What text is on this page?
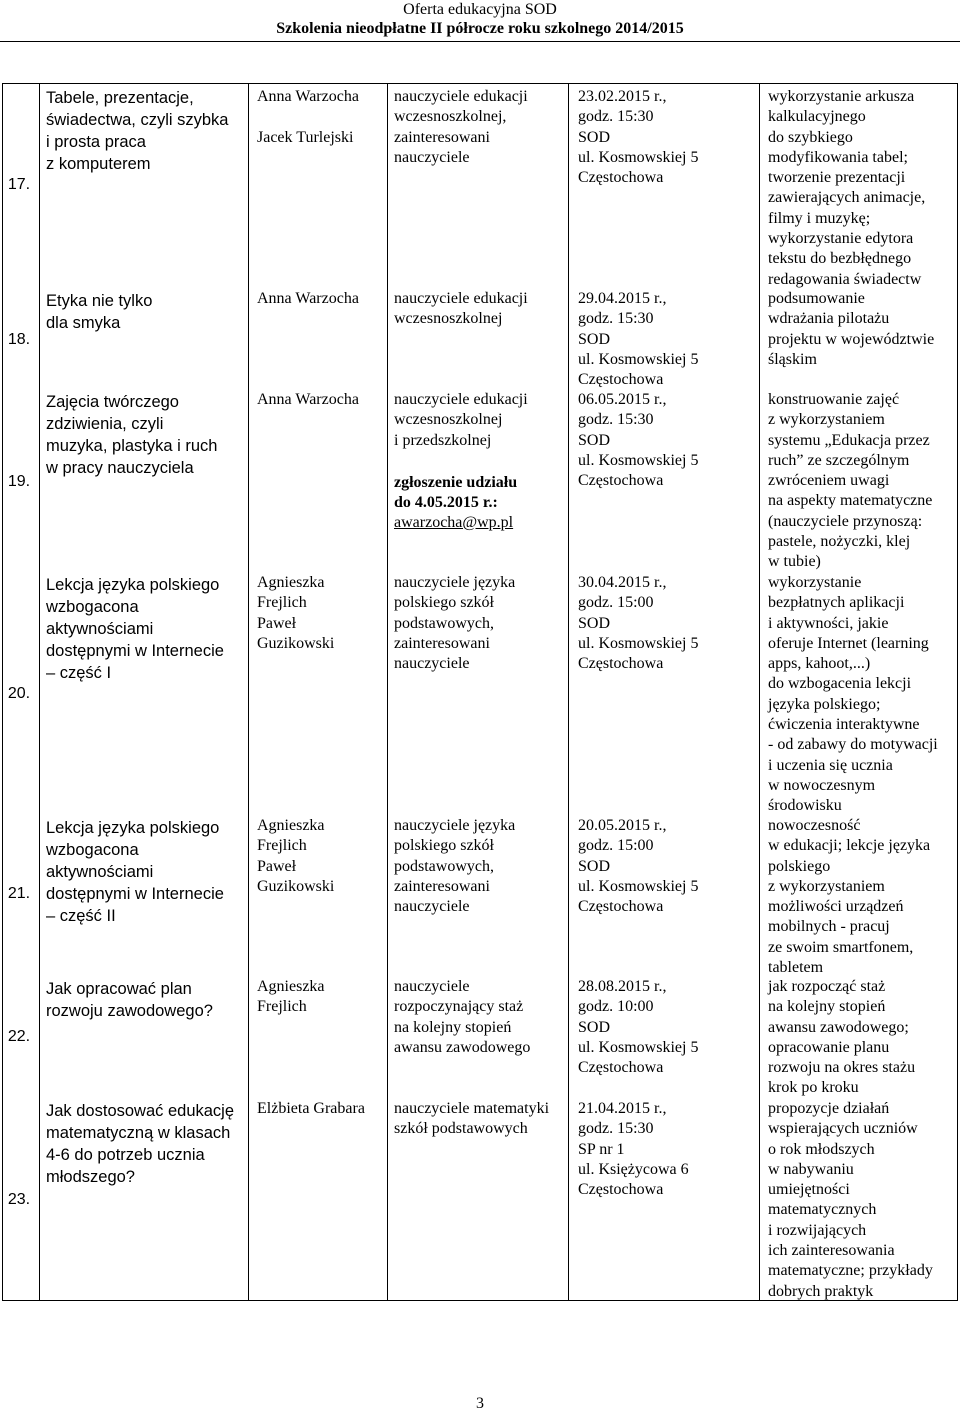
Oferta edukacyjna SOD
Szkolenia nieodpłatne II półrocze roku szkolnego 2014/2015
17.
18.
19.
20.
21.
22.
23.
Tabele, prezentacje,
świadectwa, czyli szybka
i prosta praca
z komputerem
Etyka nie tylko
dla smyka
Zajęcia twórczego
zdziwienia, czyli
muzyka, plastyka i ruch
w pracy nauczyciela
Lekcja języka polskiego
wzbogacona
aktywnościami
dostępnymi w Internecie
– część I
Lekcja języka polskiego
wzbogacona
aktywnościami
dostępnymi w Internecie
– część II
Jak opracować plan
rozwoju zawodowego?
Jak dostosować edukację
matematyczną w klasach
4-6 do potrzeb ucznia
młodszego?
Anna Warzocha

Jacek Turlejski
Anna Warzocha
Anna Warzocha
Agnieszka
Frejlich
Paweł
Guzikowski
Agnieszka
Frejlich
Paweł
Guzikowski
Agnieszka
Frejlich
Elżbieta Grabara
nauczyciele edukacji
wczesnoszkolnej,
zainteresowani
nauczyciele
nauczyciele edukacji
wczesnoszkolnej
nauczyciele edukacji
wczesnoszkolnej
i przedszkolnej
zgłoszenie udziału
do 4.05.2015 r.:
awarzocha@wp.pl
nauczyciele języka
polskiego szkół
podstawowych,
zainteresowani
nauczyciele
nauczyciele języka
polskiego szkół
podstawowych,
zainteresowani
nauczyciele
nauczyciele
rozpoczynający staż
na kolejny stopień
awansu zawodowego
nauczyciele matematyki
szkół podstawowych
23.02.2015 r.,
godz. 15:30
SOD
ul. Kosmowskiej 5
Częstochowa
29.04.2015 r.,
godz. 15:30
SOD
ul. Kosmowskiej 5
Częstochowa
06.05.2015 r.,
godz. 15:30
SOD
ul. Kosmowskiej 5
Częstochowa
30.04.2015 r.,
godz. 15:00
SOD
ul. Kosmowskiej 5
Częstochowa
20.05.2015 r.,
godz. 15:00
SOD
ul. Kosmowskiej 5
Częstochowa
28.08.2015 r.,
godz. 10:00
SOD
ul. Kosmowskiej 5
Częstochowa
21.04.2015 r.,
godz. 15:30
SP nr 1
ul. Księżycowa 6
Częstochowa
wykorzystanie arkusza
kalkulacyjnego
do szybkiego
modyfikowania tabel;
tworzenie prezentacji
zawierających animacje,
filmy i muzykę;
wykorzystanie edytora
tekstu do bezbłędnego
redagowania świadectw
podsumowanie
wdrażania pilotażu
projektu w województwie
śląskim
konstruowanie zajęć
z wykorzystaniem
systemu „Edukacja przez
ruch” ze szczególnym
zwróceniem uwagi
na aspekty matematyczne
(nauczyciele przynoszą:
pastele, nożyczki, klej
w tubie)
wykorzystanie
bezpłatnych aplikacji
i aktywności, jakie
oferuje Internet (learning
apps, kahoot,...)
do wzbogacenia lekcji
języka polskiego;
ćwiczenia interaktywne
- od zabawy do motywacji
i uczenia się ucznia
w nowoczesnym
środowisku
nowoczesność
w edukacji; lekcje języka
polskiego
z wykorzystaniem
możliwości urządzeń
mobilnych - pracuj
ze swoim smartfonem,
tabletem
jak rozpocząć staż
na kolejny stopień
awansu zawodowego;
opracowanie planu
rozwoju na okres stażu
krok po kroku
propozycje działań
wspierających uczniów
o rok młodszych
w nabywaniu
umiejętności
matematycznych
i rozwijających
ich zainteresowania
matematyczne; przykłady
dobrych praktyk
3
